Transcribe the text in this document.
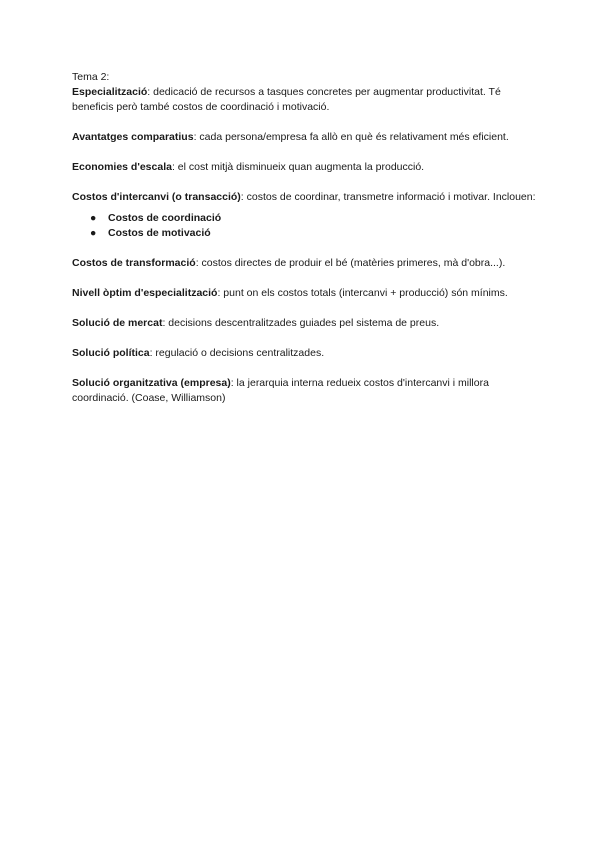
Tema 2:

Especialització: dedicació de recursos a tasques concretes per augmentar productivitat. Té beneficis però també costos de coordinació i motivació.

Avantatges comparatius: cada persona/empresa fa allò en què és relativament més eficient.

Economies d'escala: el cost mitjà disminueix quan augmenta la producció.

Costos d'intercanvi (o transacció): costos de coordinar, transmetre informació i motivar. Inclouen:

● Costos de coordinació
● Costos de motivació

Costos de transformació: costos directes de produir el bé (matèries primeres, mà d'obra...).

Nivell òptim d'especialització: punt on els costos totals (intercanvi + producció) són mínims.

Solució de mercat: decisions descentralitzades guiades pel sistema de preus.

Solució política: regulació o decisions centralitzades.

Solució organitzativa (empresa): la jerarquia interna redueix costos d'intercanvi i millora coordinació. (Coase, Williamson)
